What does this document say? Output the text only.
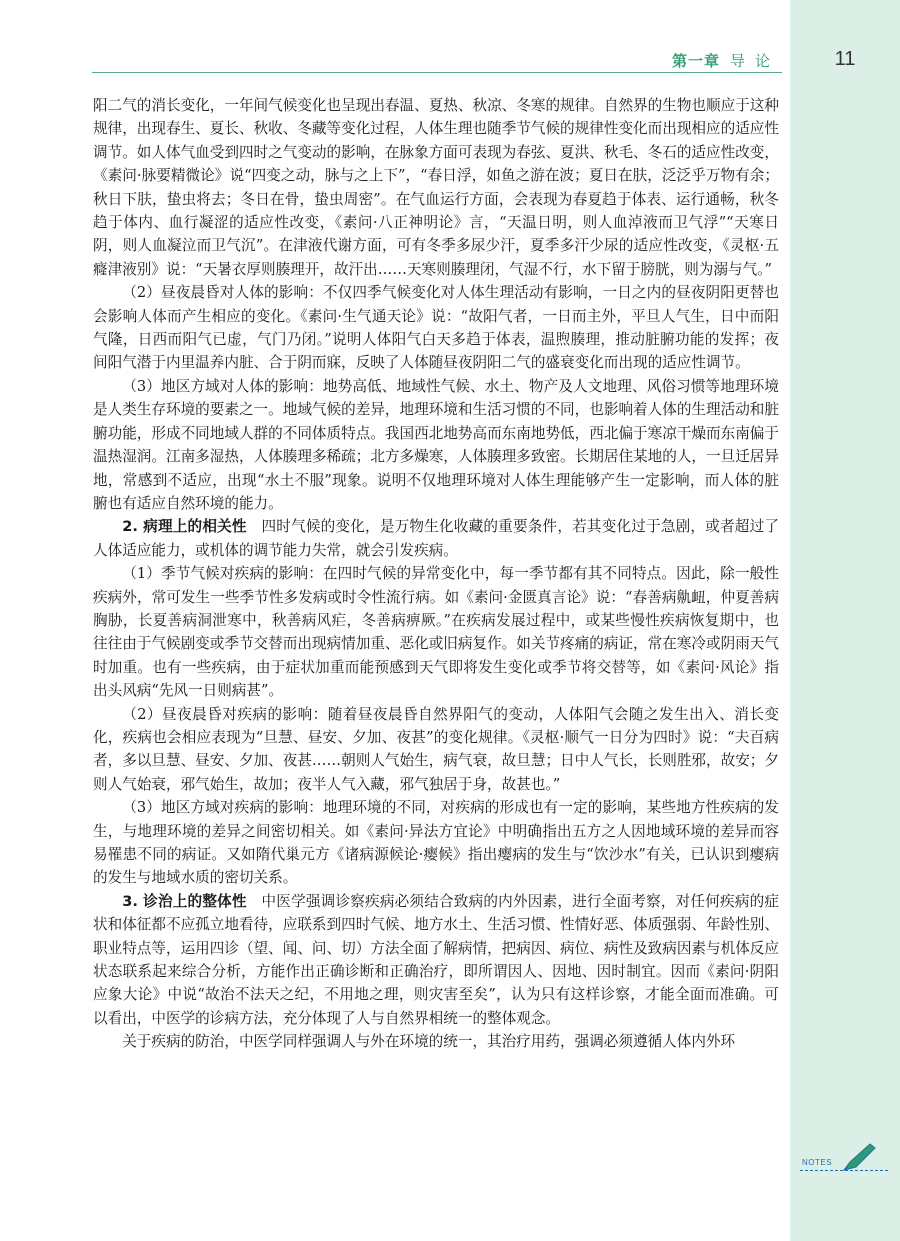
第一章 导论	11

阳二气的消长变化，一年间气候变化也呈现出春温、夏热、秋凉、冬寒的规律。自然界的生物也顺应于这种规律，出现春生、夏长、秋收、冬藏等变化过程，人体生理也随季节气候的规律性变化而出现相应的适应性调节。如人体气血受到四时之气变动的影响，在脉象方面可表现为春弦、夏洪、秋毛、冬石的适应性改变，《素问·脉要精微论》说“四变之动，脉与之上下”，“春日浮，如鱼之游在波；夏日在肤，泛泛乎万物有余；秋日下肤，蛰虫将去；冬日在骨，蛰虫周密”。在气血运行方面，会表现为春夏趋于体表、运行通畅，秋冬趋于体内、血行凝涩的适应性改变，《素问·八正神明论》言，“天温日明，则人血淖液而卫气浮”“天寒日阴，则人血凝泣而卫气沉”。在津液代谢方面，可有冬季多尿少汗，夏季多汗少尿的适应性改变，《灵枢·五癃津液别》说：“天暑衣厚则腠理开，故汗出……天寒则腠理闭，气湿不行，水下留于膀胱，则为溺与气。”

（2）昼夜晨昏对人体的影响：不仅四季气候变化对人体生理活动有影响，一日之内的昼夜阴阳更替也会影响人体而产生相应的变化。《素问·生气通天论》说：“故阳气者，一日而主外，平旦人气生，日中而阳气隆，日西而阳气已虚，气门乃闭。”说明人体阳气白天多趋于体表，温煦腠理，推动脏腑功能的发挥；夜间阳气潜于内里温养内脏、合于阴而寐，反映了人体随昼夜阴阳二气的盛衰变化而出现的适应性调节。

（3）地区方域对人体的影响：地势高低、地域性气候、水土、物产及人文地理、风俗习惯等地理环境是人类生存环境的要素之一。地域气候的差异，地理环境和生活习惯的不同，也影响着人体的生理活动和脏腑功能，形成不同地域人群的不同体质特点。我国西北地势高而东南地势低，西北偏于寒凉干燥而东南偏于温热湿润。江南多湿热，人体腠理多稀疏；北方多燥寒，人体腠理多致密。长期居住某地的人，一旦迁居异地，常感到不适应，出现“水土不服”现象。说明不仅地理环境对人体生理能够产生一定影响，而人体的脏腑也有适应自然环境的能力。

2. 病理上的相关性  四时气候的变化，是万物生化收藏的重要条件，若其变化过于急剧，或者超过了人体适应能力，或机体的调节能力失常，就会引发疾病。

（1）季节气候对疾病的影响：在四时气候的异常变化中，每一季节都有其不同特点。因此，除一般性疾病外，常可发生一些季节性多发病或时令性流行病。如《素问·金匮真言论》说：“春善病鼽衄，仲夏善病胸胁，长夏善病洞泄寒中，秋善病风疟，冬善病痹厥。”在疾病发展过程中，或某些慢性疾病恢复期中，也往往由于气候剧变或季节交替而出现病情加重、恶化或旧病复作。如关节疼痛的病证，常在寒冷或阴雨天气时加重。也有一些疾病，由于症状加重而能预感到天气即将发生变化或季节将交替等，如《素问·风论》指出头风病“先风一日则病甚”。

（2）昼夜晨昏对疾病的影响：随着昼夜晨昏自然界阳气的变动，人体阳气会随之发生出入、消长变化，疾病也会相应表现为“旦慧、昼安、夕加、夜甚”的变化规律。《灵枢·顺气一日分为四时》说：“夫百病者，多以旦慧、昼安、夕加、夜甚……朝则人气始生，病气衰，故旦慧；日中人气长，长则胜邪，故安；夕则人气始衰，邪气始生，故加；夜半人气入藏，邪气独居于身，故甚也。”

（3）地区方域对疾病的影响：地理环境的不同，对疾病的形成也有一定的影响，某些地方性疾病的发生，与地理环境的差异之间密切相关。如《素问·异法方宜论》中明确指出五方之人因地域环境的差异而容易罹患不同的病证。又如隋代巢元方《诸病源候论·瘿候》指出瘿病的发生与“饮沙水”有关，已认识到瘿病的发生与地域水质的密切关系。

3. 诊治上的整体性  中医学强调诊察疾病必须结合致病的内外因素，进行全面考察，对任何疾病的症状和体征都不应孤立地看待，应联系到四时气候、地方水土、生活习惯、性情好恶、体质强弱、年龄性别、职业特点等，运用四诊（望、闻、问、切）方法全面了解病情，把病因、病位、病性及致病因素与机体反应状态联系起来综合分析，方能作出正确诊断和正确治疗，即所谓因人、因地、因时制宜。因而《素问·阴阳应象大论》中说“故治不法天之纪，不用地之理，则灾害至矣”，认为只有这样诊察，才能全面而准确。可以看出，中医学的诊病方法，充分体现了人与自然界相统一的整体观念。

关于疾病的防治，中医学同样强调人与外在环境的统一，其治疗用药，强调必须遵循人体内外环

NOTES
